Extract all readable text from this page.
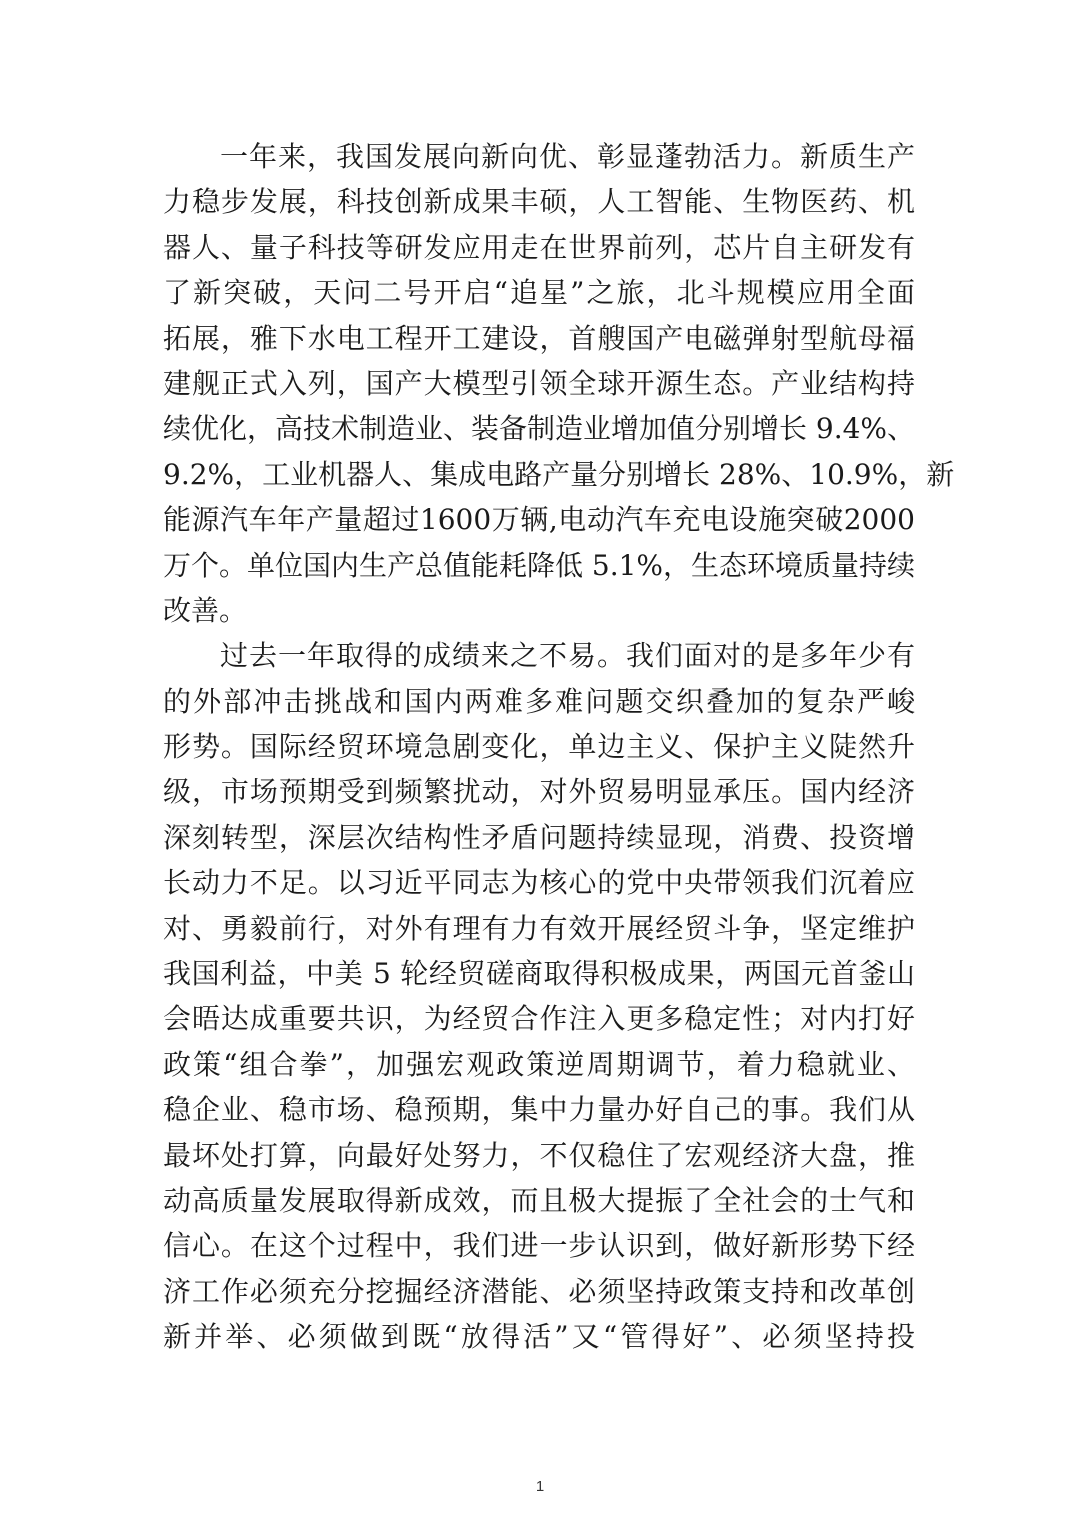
一年来，我国发展向新向优、彰显蓬勃活力。新质生产
力稳步发展，科技创新成果丰硕，人工智能、生物医药、机
器人、量子科技等研发应用走在世界前列，芯片自主研发有
了新突破，天问二号开启“追星”之旅，北斗规模应用全面
拓展，雅下水电工程开工建设，首艘国产电磁弹射型航母福
建舰正式入列，国产大模型引领全球开源生态。产业结构持
续优化，高技术制造业、装备制造业增加值分别增长 9.4%、
9.2%，工业机器人、集成电路产量分别增长 28%、10.9%，新
能源汽车年产量超过1600万辆,电动汽车充电设施突破2000
万个。单位国内生产总值能耗降低 5.1%，生态环境质量持续
改善。
过去一年取得的成绩来之不易。我们面对的是多年少有
的外部冲击挑战和国内两难多难问题交织叠加的复杂严峻
形势。国际经贸环境急剧变化，单边主义、保护主义陡然升
级，市场预期受到频繁扰动，对外贸易明显承压。国内经济
深刻转型，深层次结构性矛盾问题持续显现，消费、投资增
长动力不足。以习近平同志为核心的党中央带领我们沉着应
对、勇毅前行，对外有理有力有效开展经贸斗争，坚定维护
我国利益，中美 5 轮经贸磋商取得积极成果，两国元首釜山
会晤达成重要共识，为经贸合作注入更多稳定性；对内打好
政策“组合拳”，加强宏观政策逆周期调节，着力稳就业、
稳企业、稳市场、稳预期，集中力量办好自己的事。我们从
最坏处打算，向最好处努力，不仅稳住了宏观经济大盘，推
动高质量发展取得新成效，而且极大提振了全社会的士气和
信心。在这个过程中，我们进一步认识到，做好新形势下经
济工作必须充分挖掘经济潜能、必须坚持政策支持和改革创
新并举、必须做到既“放得活”又“管得好”、必须坚持投
1
